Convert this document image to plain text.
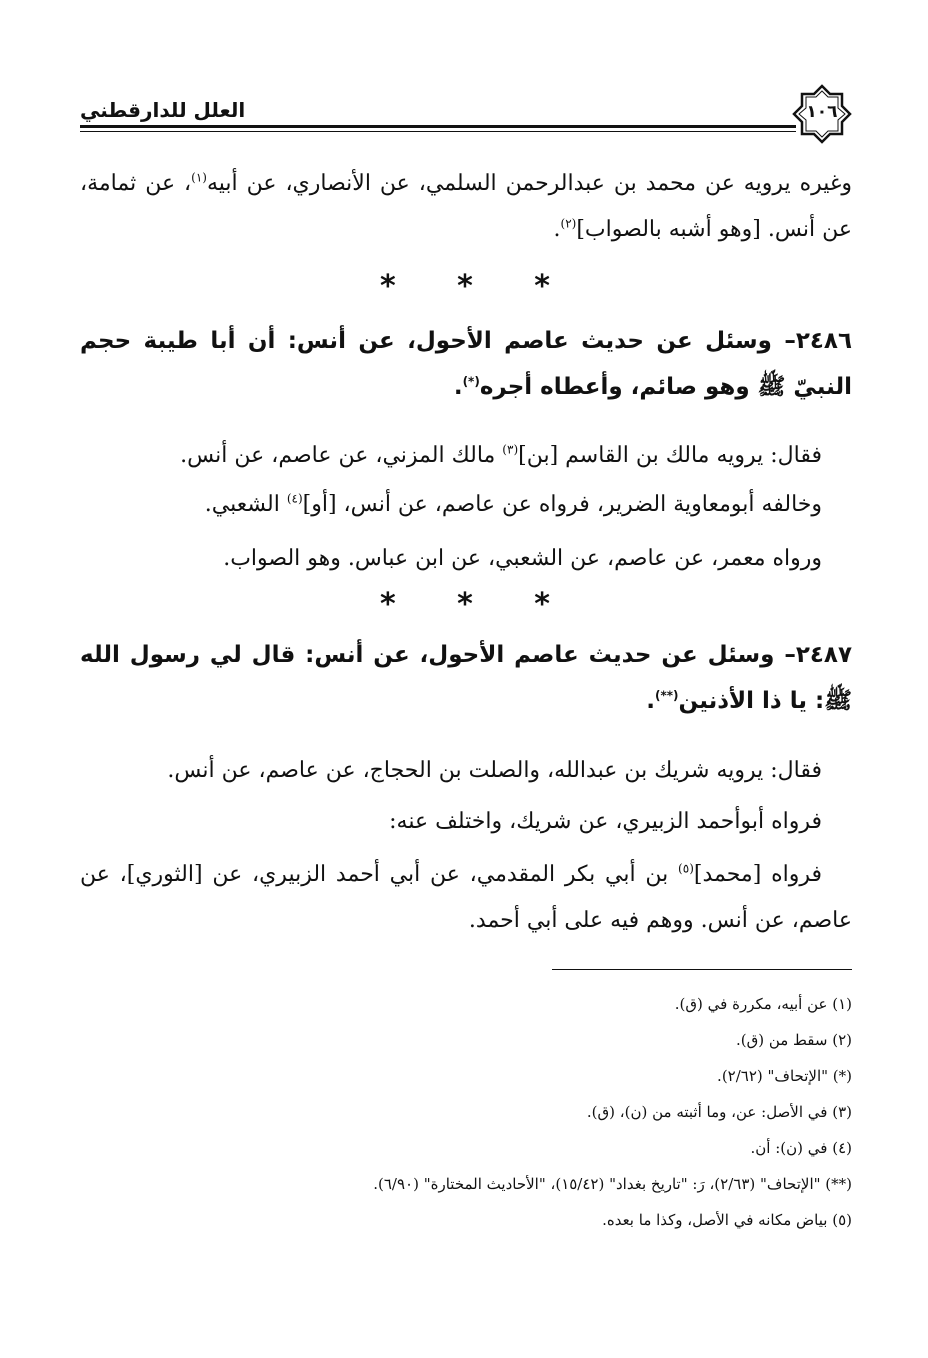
١٠٦
العلل للدارقطني

وغيره يرويه عن محمد بن عبدالرحمن السلمي، عن الأنصاري، عن أبيه$^{(١)}$، عن ثمامة، عن أنس. [وهو أشبه بالصواب]$^{(٢)}$.

* * *

٢٤٨٦– وسئل عن حديث عاصم الأحول، عن أنس: أن أبا طيبة حجم النبيّ ﷺ وهو صائم، وأعطاه أجره(*).

فقال: يرويه مالك بن القاسم [بن]$^{(٣)}$ مالك المزني، عن عاصم، عن أنس.

وخالفه أبومعاوية الضرير، فرواه عن عاصم، عن أنس، [أو]$^{(٤)}$ الشعبي.

ورواه معمر، عن عاصم، عن الشعبي، عن ابن عباس. وهو الصواب.

* * *

٢٤٨٧– وسئل عن حديث عاصم الأحول، عن أنس: قال لي رسول الله ﷺ: يا ذا الأذنين(**).

فقال: يرويه شريك بن عبدالله، والصلت بن الحجاج، عن عاصم، عن أنس.

فرواه أبوأحمد الزبيري، عن شريك، واختلف عنه:

فرواه [محمد]$^{(٥)}$ بن أبي بكر المقدمي، عن أبي أحمد الزبيري، عن [الثوري]، عن عاصم، عن أنس. ووهم فيه على أبي أحمد.

(١) عن أبيه، مكررة في (ق).
(٢) سقط من (ق).
(*) "الإتحاف" (٢/٦٢).
(٣) في الأصل: عن، وما أثبته من (ن)، (ق).
(٤) في (ن): أن.
(**) "الإتحاف" (٢/٦٣)، رَ: "تاريخ بغداد" (١٥/٤٢)، "الأحاديث المختارة" (٦/٩٠).
(٥) بياض مكانه في الأصل، وكذا ما بعده.
